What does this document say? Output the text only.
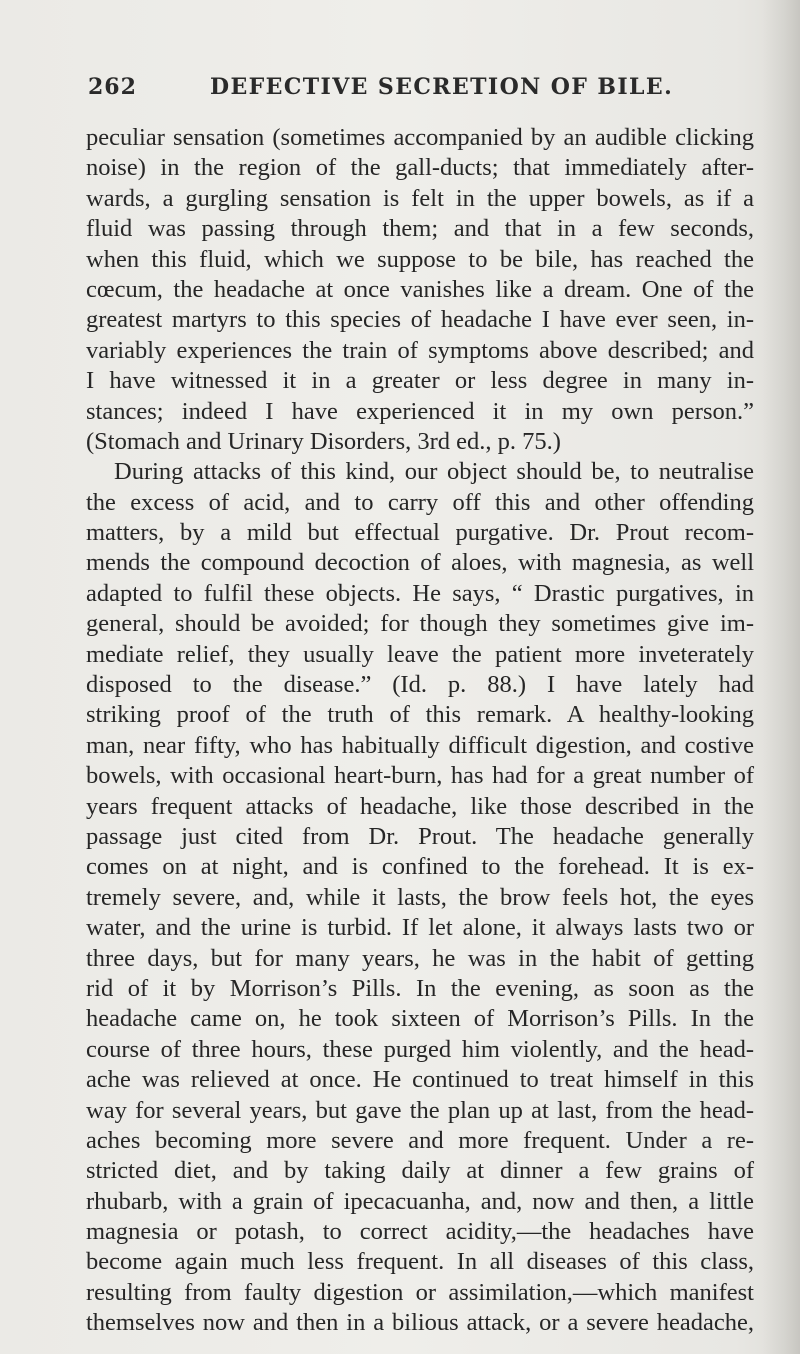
262	DEFECTIVE SECRETION OF BILE.
peculiar sensation (sometimes accompanied by an audible clicking
noise) in the region of the gall-ducts; that immediately after-
wards, a gurgling sensation is felt in the upper bowels, as if a
fluid was passing through them; and that in a few seconds,
when this fluid, which we suppose to be bile, has reached the
cœcum, the headache at once vanishes like a dream. One of the
greatest martyrs to this species of headache I have ever seen, in-
variably experiences the train of symptoms above described; and
I have witnessed it in a greater or less degree in many in-
stances; indeed I have experienced it in my own person.”
(Stomach and Urinary Disorders, 3rd ed., p. 75.)
During attacks of this kind, our object should be, to neutralise
the excess of acid, and to carry off this and other offending
matters, by a mild but effectual purgative. Dr. Prout recom-
mends the compound decoction of aloes, with magnesia, as well
adapted to fulfil these objects. He says, “ Drastic purgatives, in
general, should be avoided; for though they sometimes give im-
mediate relief, they usually leave the patient more inveterately
disposed to the disease.” (Id. p. 88.) I have lately had
striking proof of the truth of this remark. A healthy-looking
man, near fifty, who has habitually difficult digestion, and costive
bowels, with occasional heart-burn, has had for a great number of
years frequent attacks of headache, like those described in the
passage just cited from Dr. Prout. The headache generally
comes on at night, and is confined to the forehead. It is ex-
tremely severe, and, while it lasts, the brow feels hot, the eyes
water, and the urine is turbid. If let alone, it always lasts two or
three days, but for many years, he was in the habit of getting
rid of it by Morrison’s Pills. In the evening, as soon as the
headache came on, he took sixteen of Morrison’s Pills. In the
course of three hours, these purged him violently, and the head-
ache was relieved at once. He continued to treat himself in this
way for several years, but gave the plan up at last, from the head-
aches becoming more severe and more frequent. Under a re-
stricted diet, and by taking daily at dinner a few grains of
rhubarb, with a grain of ipecacuanha, and, now and then, a little
magnesia or potash, to correct acidity,—the headaches have
become again much less frequent. In all diseases of this class,
resulting from faulty digestion or assimilation,—which manifest
themselves now and then in a bilious attack, or a severe headache,
